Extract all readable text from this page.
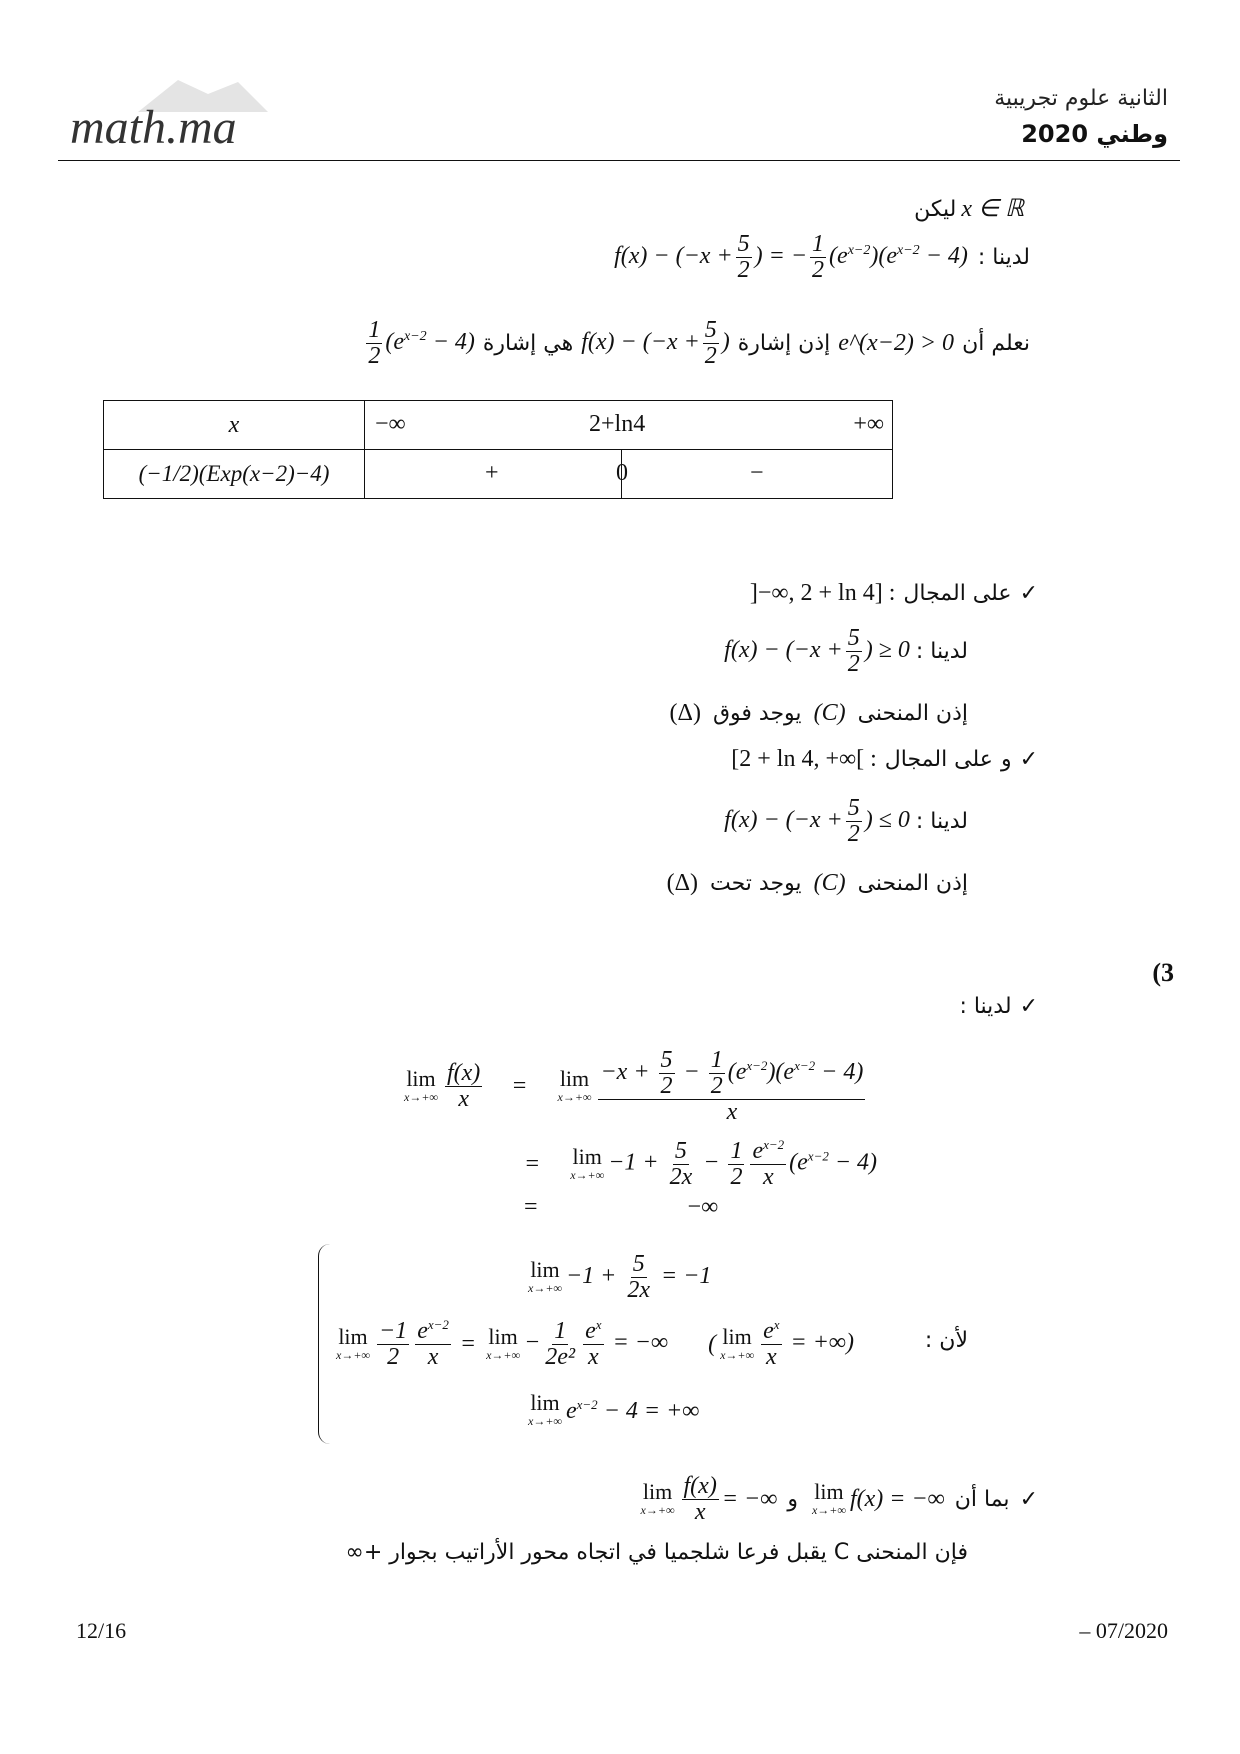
math.ma
الثانية علوم تجريبية
وطني 2020
ليكن x ∈ ℝ
لدينا :
$f(x) - (-x + \frac{5}{2}$ ) = − $\frac{1}{2} (e^{x-2})(e^{x-2} - 4)$
نعلم أن
e^(x−2) > 0
إذن إشارة
$f(x) - (-x + \frac{5}{2}$ )
هي إشارة
$\frac{1}{2} (e^{x-2} - 4)$
x	−∞ 2+ln4 +∞

(−1/2)(Exp(x−2)−4)	+ 0 −
✓
على المجال
]−∞, 2 + ln 4] :
لدينا :
$f(x) - (-x + \frac{5}{2}$ ) ≥ 0
إذن المنحنى
(C)
يوجد فوق
(Δ)
✓
و
على المجال
[2 + ln 4, +∞[ :
لدينا :
$f(x) - (-x + \frac{5}{2}$ ) ≤ 0
إذن المنحنى
(C)
يوجد تحت
(Δ)
(3
✓
لدينا :
lim
$x\to+\infty \frac{f(x)}{x} = \lim$
$x\to+\infty \frac{-x + \frac{5}{2} - \frac{1}{2} (e^{x-2})(e^{x-2} - 4)}{x}$
= lim
$x\to+\infty -1 + \frac{5}{2x} - \frac{1}{2} \frac{e^{x-2}}{x} (e^{x-2} - 4)$
=	−∞
lim
$x\to+\infty -1 + \frac{5}{2x} = -1$
lim
$x\to+\infty \frac{-1}{2} \frac{e^{x-2}}{x} = \lim$
$x\to+\infty - \frac{1}{\text{2e²}} \frac{e^x}{x}$ = −∞ ( lim
$x\to+\infty \frac{e^x}{x}$ = +∞)	لأن :
lim
x→+∞ $e^{x-2} - 4$ = +∞
✓
بما أن
lim
x→+∞ f(x) = −∞
و
lim
$x\to+\infty \frac{f(x)}{x}$ = −∞
فإن المنحنى C يقبل فرعا شلجميا في اتجاه محور الأراتيب بجوار +∞
12/16	– 07/2020
